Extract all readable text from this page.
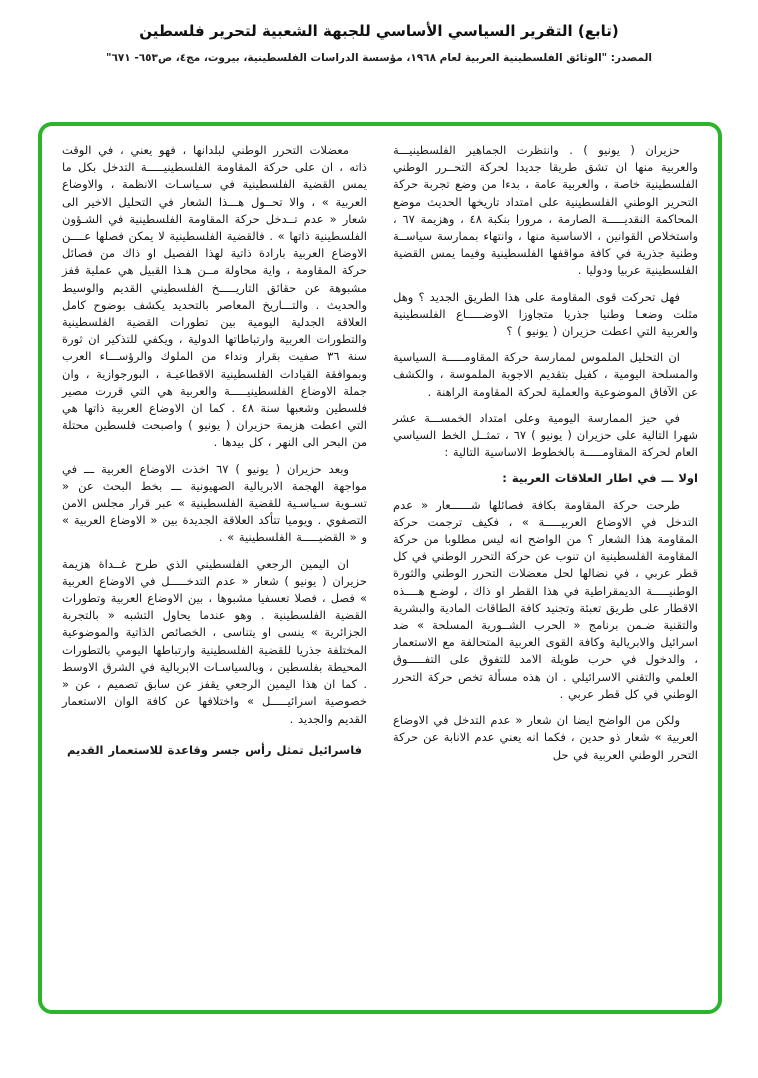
(تابع) التقرير السياسي الأساسي للجبهة الشعبية لتحرير فلسطين
المصدر: "الوثائق الفلسطينية العربية لعام ١٩٦٨، مؤسسة الدراسات الفلسطينية، بيروت، مج٤، ص٦٥٣- ٦٧١"

حزيران ( يونيو ) . وانتظرت الجماهير الفلسطينيـــة والعربية منها ان تشق طريقا جديدا لحركة التحــرر الوطني الفلسطينية خاصة ، والعربية عامة ، بدءا من وضع تجربة حركة التحرير الوطني الفلسطينية على امتداد تاريخها الحديث موضع المحاكمة النقديـــــة الصارمة ، مرورا بنكبة ٤٨ ، وهزيمة ٦٧ ، واستخلاص القوانين ، الاساسية منها ، وانتهاء بممارسة سياســة وطنية جذرية في كافة مواقفها الفلسطينية وفيما يمس القضية الفلسطينية عربيا ودوليا .

فهل تحركت قوى المقاومة على هذا الطريق الجديد ؟ وهل مثلت وضعـا وطنيا جذريا متجاوزا الاوضـــــاع الفلسطينية والعربية التي اعطت حزيران ( يونيو ) ؟

ان التحليل الملموس لممارسة حركة المقاومـــــة السياسية والمسلحة اليومية ، كفيل بتقديم الاجوبة الملموسة ، والكشف عن الآفاق الموضوعية والعملية لحركة المقاومة الراهنة .

في حيز الممارسة اليومية وعلى امتداد الخمســـة عشر شهرا التالية على حزيران ( يونيو ) ٦٧ ، تمثــل الخط السياسي العام لحركة المقاومـــــة بالخطوط الاساسية التالية :

اولا ـــ في اطار العلاقات العربية :

طرحت حركة المقاومة بكافة فصائلها شــــــعار « عدم التدخل في الاوضاع العربيـــــة » ، فكيف ترجمت حركة المقاومة هذا الشعار ؟ من الواضح انه ليس مطلوبا من حركة المقاومة الفلسطينية ان تنوب عن حركة التحرر الوطني في كل قطر عربي ، في نضالها لحل معضلات التحرر الوطني والثورة الوطنيـــــة الديمقراطية في هذا القطر او ذاك ، لوضـع هــــذه الاقطار على طريق تعبئة وتجنيد كافة الطاقات المادية والبشرية والتقنية ضـمن برنامج « الحرب الشــورية المسلحة » ضد اسرائيل والابريالية وكافة القوى العربية المتحالفة مع الاستعمار ، والدخول في حرب طويلة الامد للتفوق على التفـــــوق العلمي والتقني الاسرائيلي . ان هذه مسألة تخص حركة التحرر الوطني في كل قطر عربي .

ولكن من الواضح ايضا ان شعار « عدم التدخل في الاوضاع العربية » شعار ذو حدين ، فكما انه يعني عدم الانابة عن حركة التحرر الوطني العربية في حل

معضلات التحرر الوطني لبلدانها ، فهو يعني ، في الوقت ذاته ، ان على حركة المقاومة الفلسطينيـــــة التدخل بكل ما يمس القضية الفلسطينية في سـياسـات الانظمة ، والاوضاع العربية » ، والا تحــول هـــذا الشعار في التحليل الاخير الى شعار « عدم تــدخل حركة المقاومة الفلسطينية في الشـؤون الفلسطينية ذاتها » . فالقضية الفلسطينية لا يمكن فصلها عــــن الاوضاع العربية بارادة ذاتية لهذا الفصيل او ذاك من فصائل حركة المقاومة ، واية محاولة مــن هـذا القبيل هي عملية قفز مشبوهة عن حقائق التاريـــــخ الفلسطيني القديم والوسيط والحديث . والتـــاريخ المعاصر بالتحديد يكشف بوضوح كامل العلاقة الجدلية اليومية بين تطورات القضية الفلسطينية والتطورات العربية وارتباطاتها الدولية ، ويكفي للتذكير ان ثورة سنة ٣٦ صفيت بقرار ونداء من الملوك والرؤســـاء العرب وبموافقة القيادات الفلسطينية الاقطاعيـة ، البورجوازية ، وان جملة الاوضاع الفلسطينيـــــة والعربية هي التي قررت مصير فلسطين وشعبها سنة ٤٨ . كما ان الاوضاع العربية ذاتها هي التي اعطت هزيمة حزيران ( يونيو ) واصبحت فلسطين محتلة من البحر الى النهر ، كل بيدها .

وبعد حزيران ( يونيو ) ٦٧ اخذت الاوضاع العربية ـــ في مواجهة الهجمة الابريالية الصهيونية ـــ بخط البحث عن « تسـوية سـياسـية للقضية الفلسطينية » عبر قرار مجلس الامن التصفوي . ويوميا تتأكد العلاقة الجديدة بين « الاوضاع العربية » و « القضيـــــة الفلسطينية » .

ان اليمين الرجعي الفلسطيني الذي طرح غــداة هزيمة حزيران ( يونيو ) شعار « عدم التدخـــــل في الاوضاع العربية » فصل ، فصلا تعسفيا مشبوها ، بين الاوضاع العربية وتطورات القضية الفلسطينية . وهو عندما يحاول التشبه « بالتجربة الجزائرية » ينسى او يتناسى ، الخصائص الذاتية والموضوعية المختلفة جذريا للقضية الفلسطينية وارتباطها اليومي بالتطورات المحيطة بفلسطين ، وبالسياسـات الابريالية في الشرق الاوسط . كما ان هذا اليمين الرجعي يقفز عن سابق تصميم ، عن « خصوصية اسرائيـــــل » واختلافها عن كافة الوان الاستعمار القديم والجديد .

فاسرائيل تمثل رأس جسر وقاعدة للاستعمار القديم
